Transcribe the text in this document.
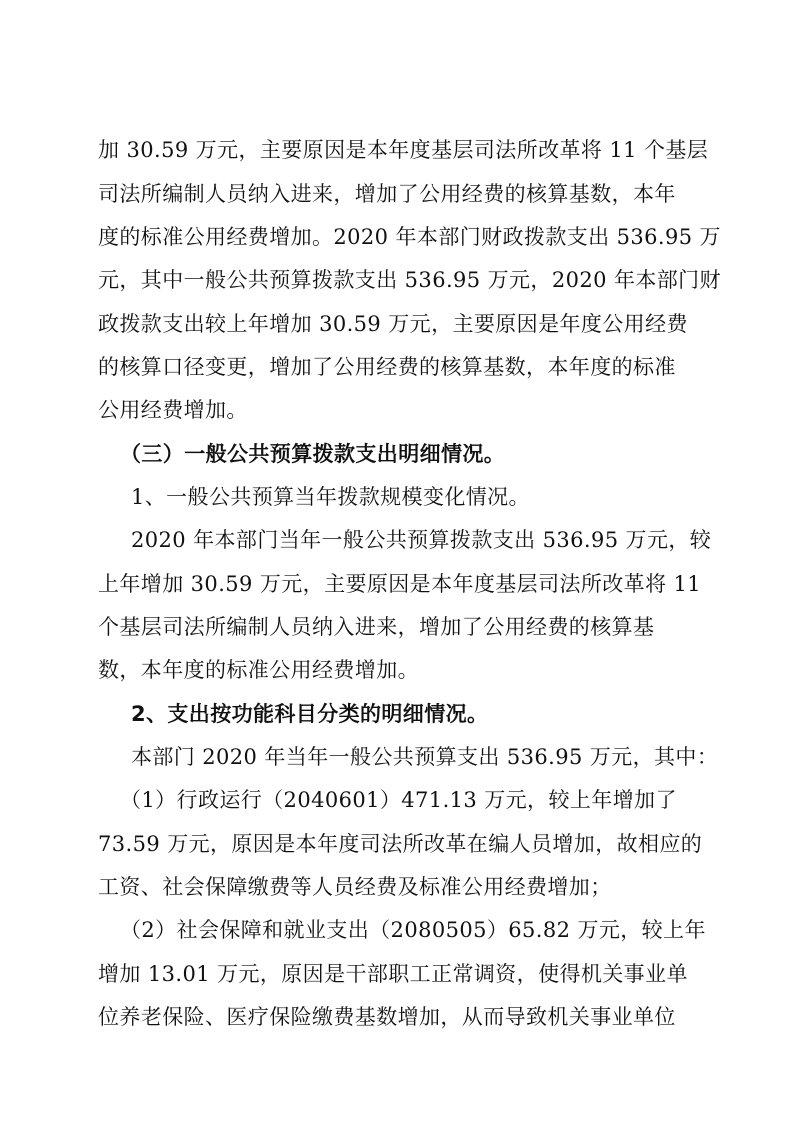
加 30.59 万元，主要原因是本年度基层司法所改革将 11 个基层
司法所编制人员纳入进来，增加了公用经费的核算基数，本年
度的标准公用经费增加。2020 年本部门财政拨款支出 536.95 万
元，其中一般公共预算拨款支出 536.95 万元，2020 年本部门财
政拨款支出较上年增加 30.59 万元，主要原因是年度公用经费
的核算口径变更，增加了公用经费的核算基数，本年度的标准
公用经费增加。
（三）一般公共预算拨款支出明细情况。
1、一般公共预算当年拨款规模变化情况。
2020 年本部门当年一般公共预算拨款支出 536.95 万元，较
上年增加 30.59 万元，主要原因是本年度基层司法所改革将 11
个基层司法所编制人员纳入进来，增加了公用经费的核算基
数，本年度的标准公用经费增加。
2、支出按功能科目分类的明细情况。
本部门 2020 年当年一般公共预算支出 536.95 万元，其中：
（1）行政运行（2040601）471.13 万元，较上年增加了
73.59 万元，原因是本年度司法所改革在编人员增加，故相应的
工资、社会保障缴费等人员经费及标准公用经费增加；
（2）社会保障和就业支出（2080505）65.82 万元，较上年
增加 13.01 万元，原因是干部职工正常调资，使得机关事业单
位养老保险、医疗保险缴费基数增加，从而导致机关事业单位
